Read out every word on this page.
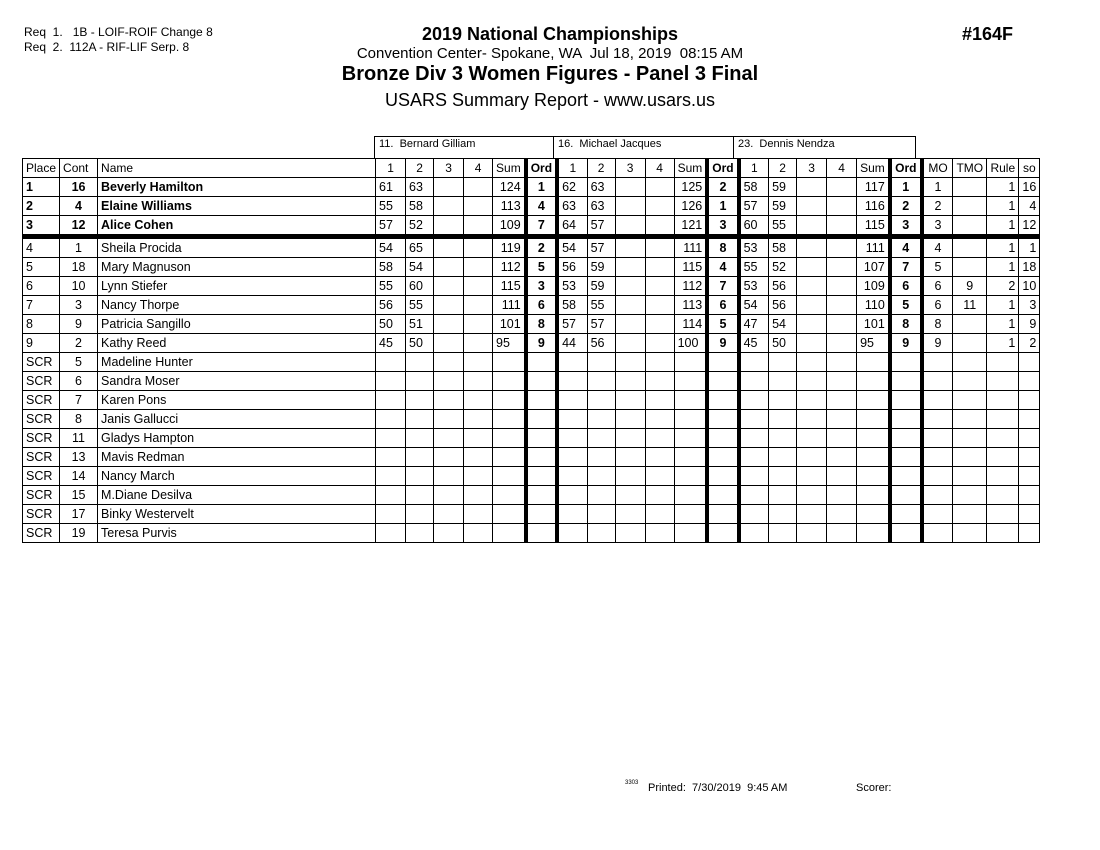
Req  1.   1B - LOIF-ROIF Change 8
Req  2.  112A - RIF-LIF Serp. 8
2019 National Championships
Convention Center- Spokane, WA  Jul 18, 2019  08:15 AM
Bronze Div 3 Women Figures - Panel 3 Final
USARS Summary Report - www.usars.us
#164F
11.  Bernard Gilliam	16.  Michael Jacques	23.  Dennis Nendza
Place	Cont	Name	1	2	3	4	Sum	Ord	1	2	3	4	Sum	Ord	1	2	3	4	Sum	Ord	MO	TMO	Rule	so
1	16	Beverly Hamilton	61	63			124	1	62	63			125	2	58	59			117	1	1		1	16
2	4	Elaine Williams	55	58			113	4	63	63			126	1	57	59			116	2	2		1	4
3	12	Alice Cohen	57	52			109	7	64	57			121	3	60	55			115	3	3		1	12
4	1	Sheila Procida	54	65			119	2	54	57			111	8	53	58			111	4	4		1	1
5	18	Mary Magnuson	58	54			112	5	56	59			115	4	55	52			107	7	5		1	18
6	10	Lynn Stiefer	55	60			115	3	53	59			112	7	53	56			109	6	6	9	2	10
7	3	Nancy Thorpe	56	55			111	6	58	55			113	6	54	56			110	5	6	11	1	3
8	9	Patricia Sangillo	50	51			101	8	57	57			114	5	47	54			101	8	8		1	9
9	2	Kathy Reed	45	50			95	9	44	56			100	9	45	50			95	9	9		1	2
SCR	5	Madeline Hunter																						
SCR	6	Sandra Moser																						
SCR	7	Karen Pons																						
SCR	8	Janis Gallucci																						
SCR	11	Gladys Hampton																						
SCR	13	Mavis Redman																						
SCR	14	Nancy March																						
SCR	15	M.Diane Desilva																						
SCR	17	Binky Westervelt																						
SCR	19	Teresa Purvis																						
3303 Printed:  7/30/2019  9:45 AM	Scorer:
